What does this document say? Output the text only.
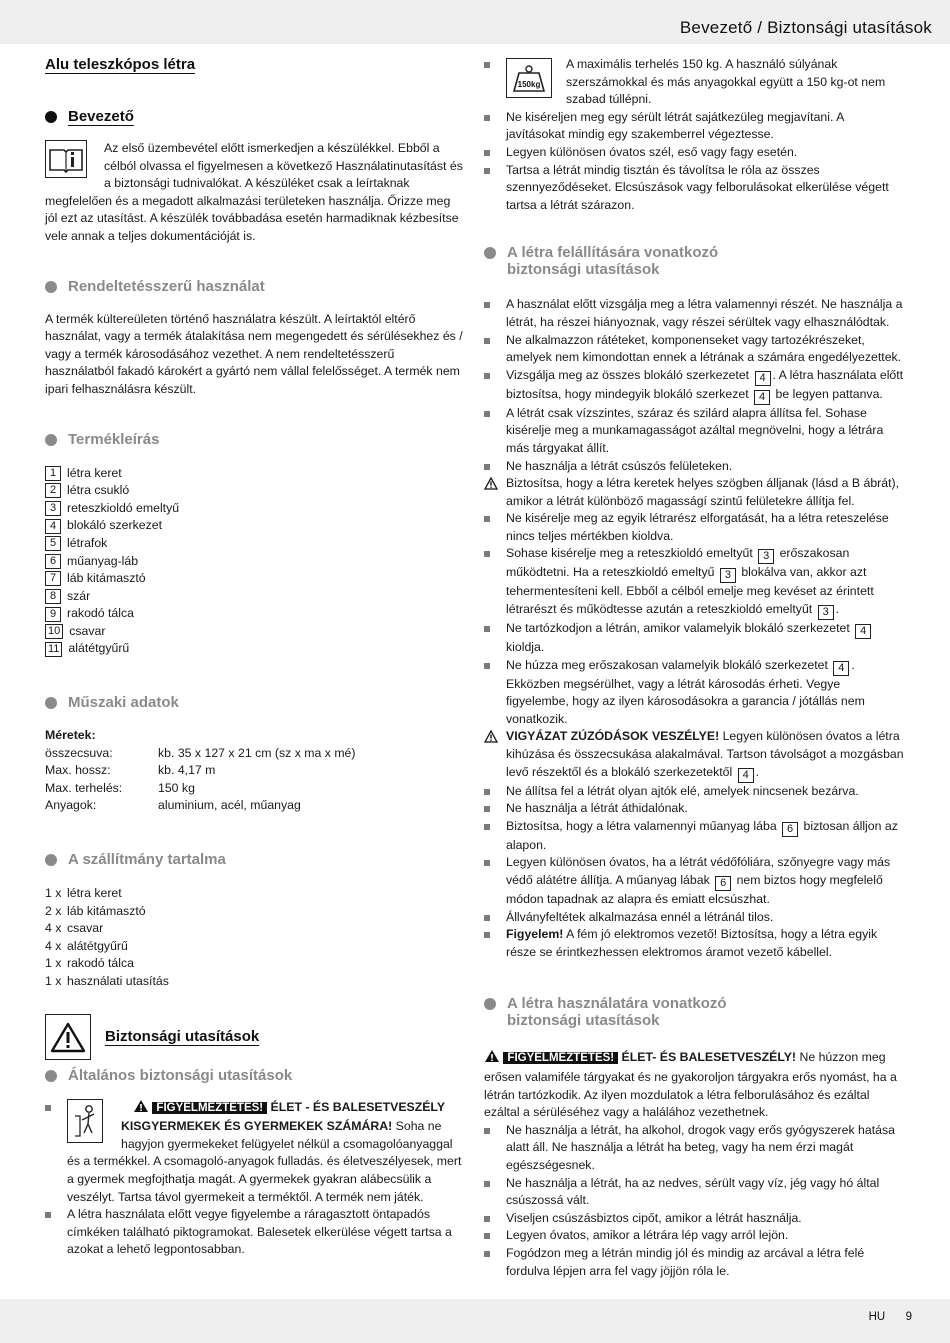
Bevezető / Biztonsági utasítások
Alu teleszkópos létra
Bevezető

Az első üzembevétel előtt ismerkedjen a készülékkel. Ebből a célból olvassa el figyelmesen a következő Használatinutasítást és a biztonsági tudnivalókat. A készüléket csak a leírtaknak megfelelően és a megadott alkalmazási területeken használja. Őrizze meg jól ezt az utasítást. A készülék továbbadása esetén harmadiknak kézbesítse vele annak a teljes dokumentációját is.

Rendeltetésszerű használat

A termék kültereületen történő használatra készült. A leírtaktól eltérő használat, vagy a termék átalakítása nem megengedett és sérülésekhez és / vagy a termék károsodásához vezethet. A nem rendeltetésszerű használatból fakadó károkért a gyártó nem vállal felelősséget. A termék nem ipari felhasználásra készült.

Termékleírás
1 létra keret
2 létra csukló
3 reteszkioldó emeltyű
4 blokáló szerkezet
5 létrafok
6 műanyag-láb
7 láb kitámasztó
8 szár
9 rakodó tálca
10 csavar
11 alátétgyűrű
Műszaki adatok
Méretek:
összecsuva:	kb. 35 x 127 x 21 cm (sz x ma x mé)
Max. hossz:	kb. 4,17 m
Max. terhelés:	150 kg
Anyagok:	aluminium, acél, műanyag
A szállítmány tartalma
1 x létra keret
2 x láb kitámasztó
4 x csavar
4 x alátétgyűrű
1 x rakodó tálca
1 x használati utasítás
Biztonsági utasítások
Általános biztonsági utasítások

FIGYELMEZTETÉS! ÉLET - ÉS BALESETVESZÉLY KISGYERMEKEK ÉS GYERMEKEK SZÁMÁRA! Soha ne hagyjon gyermekeket felügyelet nélkül a csomagolóanyaggal és a termékkel. A csomagoló-anyagok fulladás. és életveszélyesek, mert a gyermek megfojthatja magát. A gyermekek gyakran alábecsülik a veszélyt. Tartsa távol gyermekeit a terméktől. A termék nem játék.

A létra használata előtt vegye figyelembe a ráragasztott öntapadós címkéken található piktogramokat. Balesetek elkerülése végett tartsa a azokat a lehető legpontosabban.

150kg

A maximális terhelés 150 kg. A használó súlyának szerszámokkal és más anyagokkal együtt a 150 kg-ot nem szabad túllépni.

Ne kiséreljen meg egy sérült létrát sajátkezüleg megjavítani. A javításokat mindig egy szakemberrel végeztesse.

Legyen különösen óvatos szél, eső vagy fagy esetén.

Tartsa a létrát mindig tisztán és távolítsa le róla az összes szennyeződéseket. Elcsúszások vagy felborulásokat elkerülése végett tartsa a létrát szárazon.

A létra felállítására vonatkozó
biztonsági utasítások

A használat előtt vizsgálja meg a létra valamennyi részét. Ne használja a létrát, ha részei hiányoznak, vagy részei sérültek vagy elhasználódtak.

Ne alkalmazzon rátéteket, komponenseket vagy tartozékrészeket, amelyek nem kimondottan ennek a létrának a számára engedélyezettek.

Vizsgálja meg az összes blokáló szerkezetet 4 . A létra használata előtt biztosítsa, hogy mindegyik blokáló szerkezet 4 be legyen pattanva.

A létrát csak vízszintes, száraz és szilárd alapra állítsa fel. Sohase kisérelje meg a munkamagasságot azáltal megnövelni, hogy a létrára más tárgyakat állít.

Ne használja a létrát csúszós felületeken.

Biztosítsa, hogy a létra keretek helyes szögben álljanak (lásd a B ábrát), amikor a létrát különböző magasságí szintű felületekre állítja fel.

Ne kisérelje meg az egyik létrarész elforgatását, ha a létra reteszelése nincs teljes mértékben kioldva.

Sohase kisérelje meg a reteszkioldó emeltyűt 3 erőszakosan működtetni. Ha a reteszkioldó emeltyű 3 blokálva van, akkor azt tehermentesíteni kell. Ebből a célból emelje meg kevéset az érintett létrarészt és működtesse azután a reteszkioldó emeltyűt 3 .

Ne tartózkodjon a létrán, amikor valamelyik blokáló szerkezetet 4 kioldja.

Ne húzza meg erőszakosan valamelyik blokáló szerkezetet 4 . Ekközben megsérülhet, vagy a létrát károsodás érheti. Vegye figyelembe, hogy az ilyen károsodásokra a garancia / jótállás nem vonatkozik.

VIGYÁZAT ZÚZÓDÁSOK VESZÉLYE! Legyen különösen óvatos a létra kihúzása és összecsukása alakalmával. Tartson távolságot a mozgásban levő részektől és a blokáló szerkezetektől 4 .

Ne állítsa fel a létrát olyan ajtók elé, amelyek nincsenek bezárva.

Ne használja a létrát áthidalónak.

Biztosítsa, hogy a létra valamennyi műanyag lába 6 biztosan álljon az alapon.

Legyen különösen óvatos, ha a létrát védőfóliára, szőnyegre vagy más védő alátétre állítja. A műanyag lábak 6 nem biztos hogy megfelelő módon tapadnak az alapra és emiatt elcsúszhat.

Állványfeltétek alkalmazása ennél a létránál tilos.

Figyelem! A fém jó elektromos vezető! Biztosítsa, hogy a létra egyik része se érintkezhessen elektromos áramot vezető kábellel.

A létra használatára vonatkozó
biztonsági utasítások

FIGYELMEZTETÉS! ÉLET- ÉS BALESETVESZÉLY! Ne húzzon meg erősen valamiféle tárgyakat és ne gyakoroljon tárgyakra erős nyomást, ha a létrán tartózkodik. Az ilyen mozdulatok a létra felborulásához és ezáltal ezáltal a sérüléséhez vagy a halálához vezethetnek.

Ne használja a létrát, ha alkohol, drogok vagy erős gyógyszerek hatása alatt áll. Ne használja a létrát ha beteg, vagy ha nem érzi magát egészségesnek.

Ne használja a létrát, ha az nedves, sérült vagy víz, jég vagy hó által csúszossá vált.

Viseljen csúszásbiztos cipőt, amikor a létrát használja.

Legyen óvatos, amikor a létrára lép vagy arról lejön.

Fogódzon meg a létrán mindig jól és mindig az arcával a létra felé fordulva lépjen arra fel vagy jöjjön róla le.

HU 9
